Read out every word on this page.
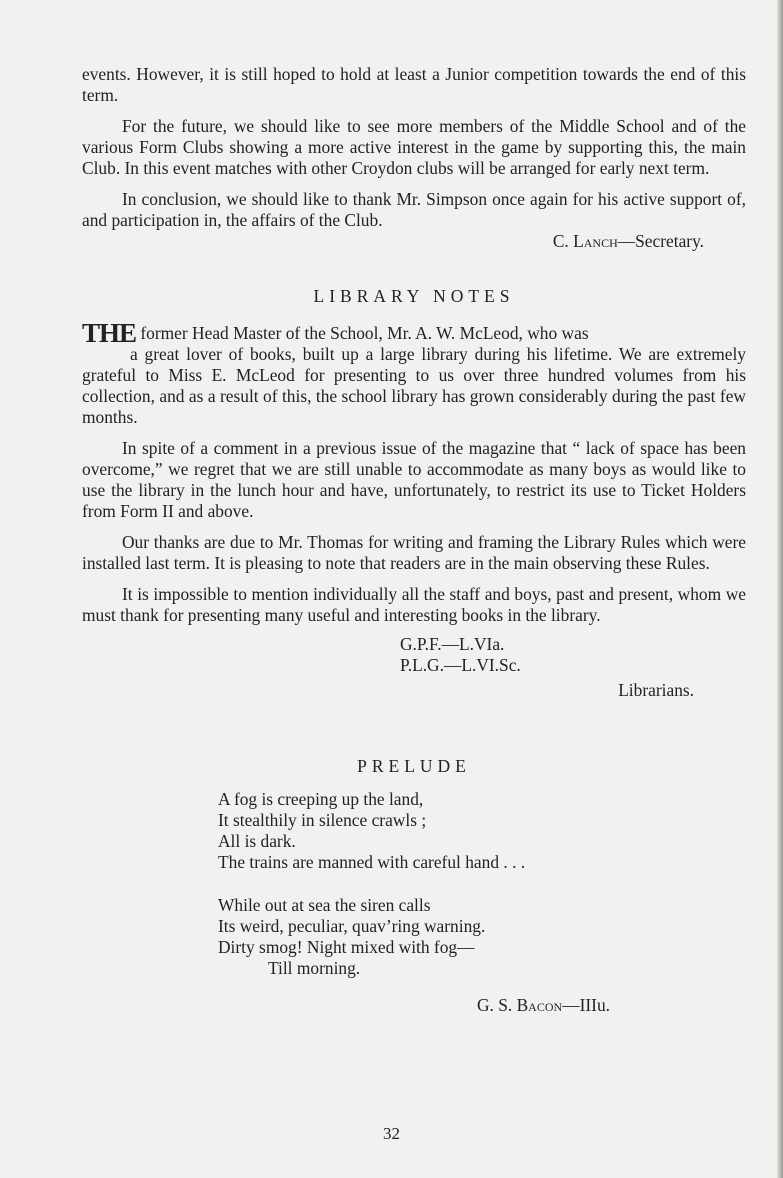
events. However, it is still hoped to hold at least a Junior competition towards the end of this term.

For the future, we should like to see more members of the Middle School and of the various Form Clubs showing a more active interest in the game by supporting this, the main Club. In this event matches with other Croydon clubs will be arranged for early next term.

In conclusion, we should like to thank Mr. Simpson once again for his active support of, and participation in, the affairs of the Club.

C. Lanch—Secretary.

LIBRARY NOTES

THE former Head Master of the School, Mr. A. W. McLeod, who was
a great lover of books, built up a large library during his lifetime. We are extremely grateful to Miss E. McLeod for presenting to us over three hundred volumes from his collection, and as a result of this, the school library has grown considerably during the past few months.

In spite of a comment in a previous issue of the magazine that “ lack of space has been overcome,” we regret that we are still unable to accommodate as many boys as would like to use the library in the lunch hour and have, unfortunately, to restrict its use to Ticket Holders from Form II and above.

Our thanks are due to Mr. Thomas for writing and framing the Library Rules which were installed last term. It is pleasing to note that readers are in the main observing these Rules.

It is impossible to mention individually all the staff and boys, past and present, whom we must thank for presenting many useful and interesting books in the library.

G.P.F.—L.VIa.
P.L.G.—L.VI.Sc.
Librarians.
PRELUDE
A fog is creeping up the land,
It stealthily in silence crawls ;
All is dark.
The trains are manned with careful hand . . .
While out at sea the siren calls
Its weird, peculiar, quav’ring warning.
Dirty smog! Night mixed with fog—
Till morning.

G. S. Bacon—IIIu.

32
